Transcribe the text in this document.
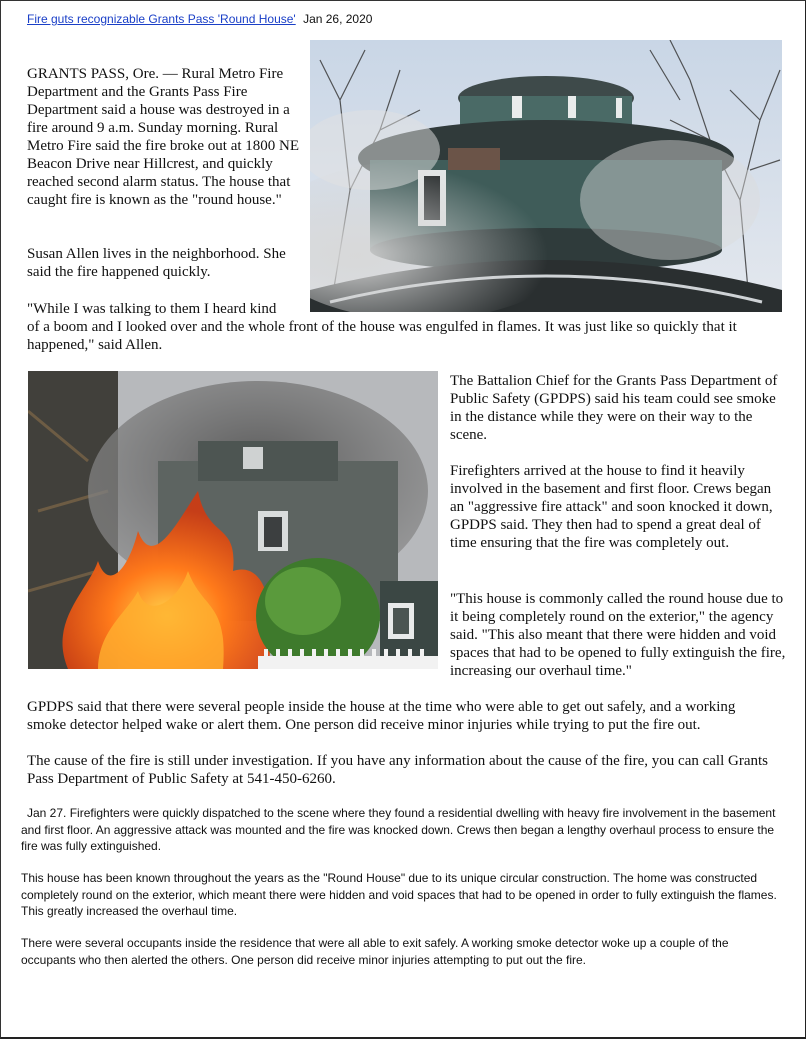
Fire guts recognizable Grants Pass 'Round House' Jan 26, 2020

GRANTS PASS, Ore. — Rural Metro Fire Department and the Grants Pass Fire Department said a house was destroyed in a fire around 9 a.m. Sunday morning. Rural Metro Fire said the fire broke out at 1800 NE Beacon Drive near Hillcrest, and quickly reached second alarm status. The house that caught fire is known as the "round house."

Susan Allen lives in the neighborhood. She said the fire happened quickly.

"While I was talking to them I heard kind

of a boom and I looked over and the whole front of the house was engulfed in flames. It was just like so quickly that it happened," said Allen.

The Battalion Chief for the Grants Pass Department of Public Safety (GPDPS) said his team could see smoke in the distance while they were on their way to the scene.

Firefighters arrived at the house to find it heavily involved in the basement and first floor. Crews began an "aggressive fire attack" and soon knocked it down, GPDPS said. They then had to spend a great deal of time ensuring that the fire was completely out.

"This house is commonly called the round house due to it being completely round on the exterior," the agency said. "This also meant that there were hidden and void spaces that had to be opened to fully extinguish the fire, increasing our overhaul time."

GPDPS said that there were several people inside the house at the time who were able to get out safely, and a working smoke detector helped wake or alert them. One person did receive minor injuries while trying to put the fire out.

The cause of the fire is still under investigation. If you have any information about the cause of the fire, you can call Grants Pass Department of Public Safety at 541-450-6260.

Jan 27. Firefighters were quickly dispatched to the scene where they found a residential dwelling with heavy fire involvement in the basement and first floor. An aggressive attack was mounted and the fire was knocked down. Crews then began a lengthy overhaul process to ensure the fire was fully extinguished.

This house has been known throughout the years as the "Round House" due to its unique circular construction. The home was constructed completely round on the exterior, which meant there were hidden and void spaces that had to be opened in order to fully extinguish the flames. This greatly increased the overhaul time.

There were several occupants inside the residence that were all able to exit safely. A working smoke detector woke up a couple of the occupants who then alerted the others. One person did receive minor injuries attempting to put out the fire.
